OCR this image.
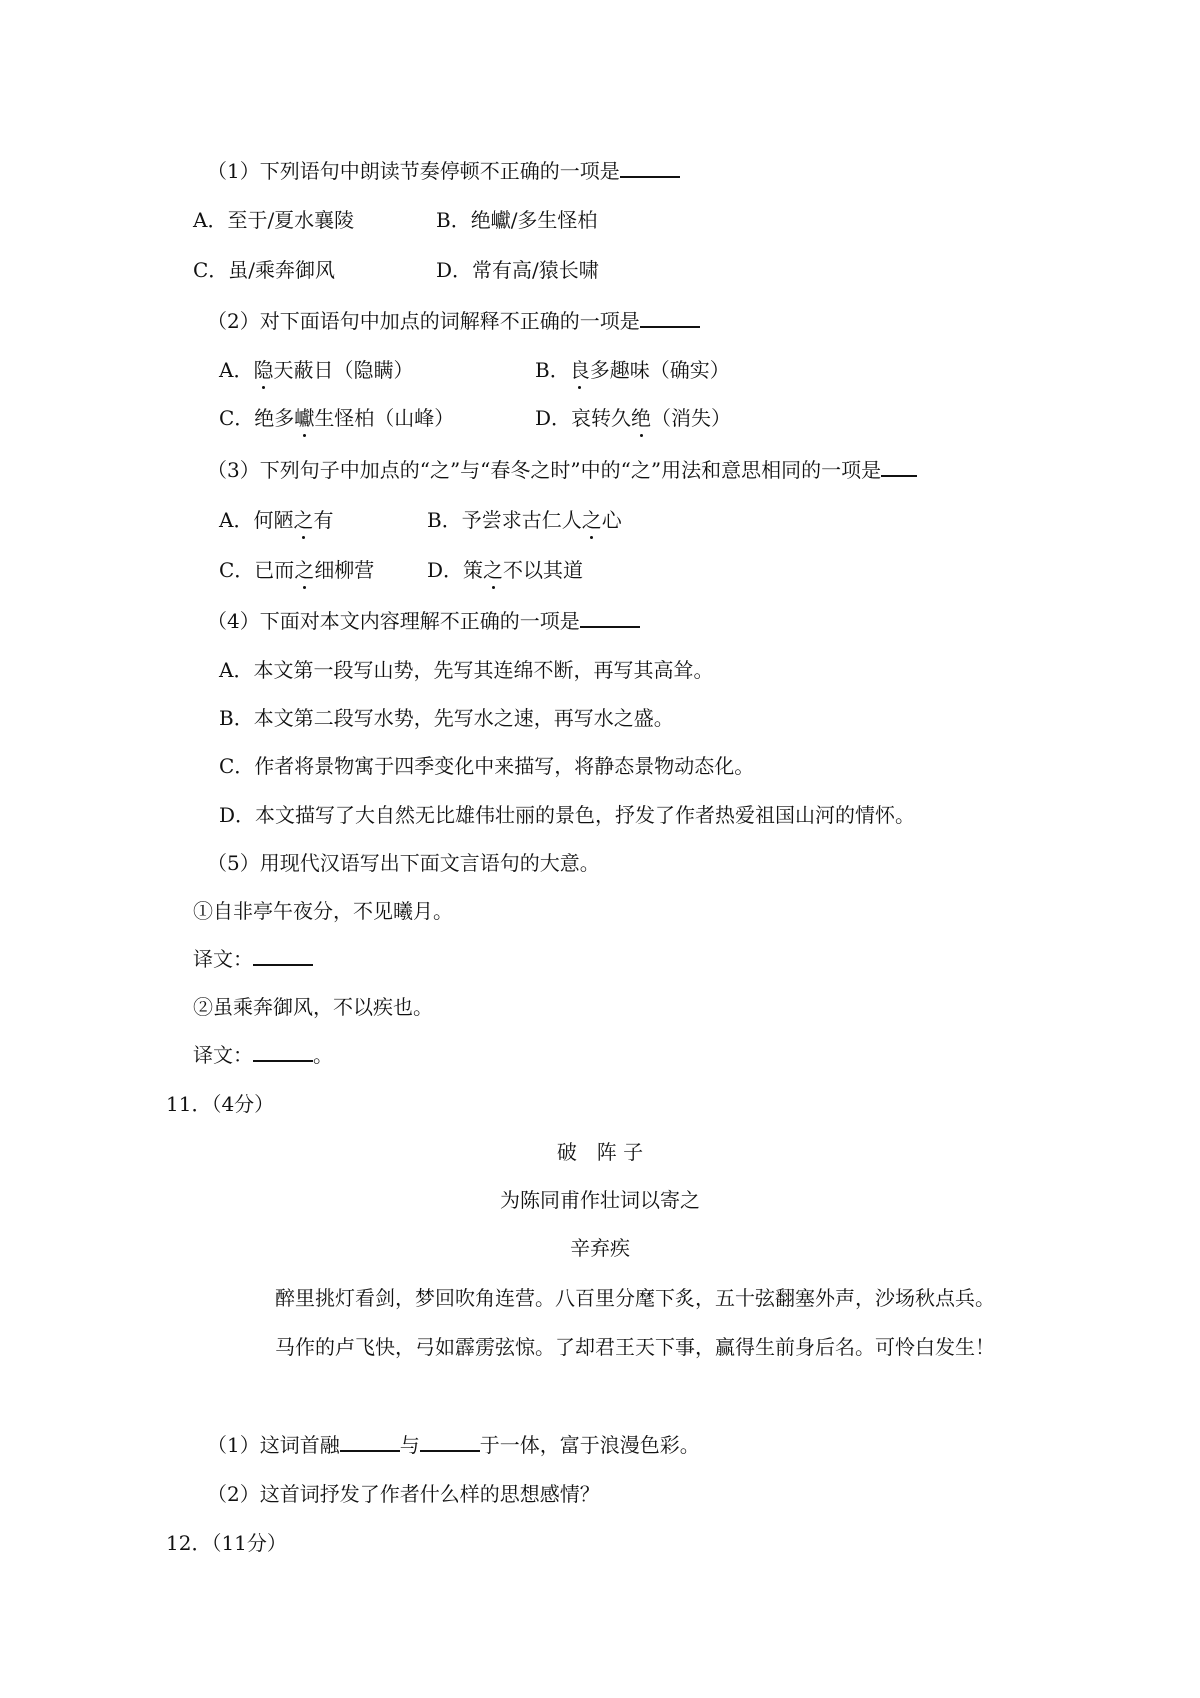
（1）下列语句中朗读节奏停顿不正确的一项是
A．至于/夏水襄陵	B．绝巘/多生怪柏
C．虽/乘奔御风	D．常有高/猿长啸
（2）对下面语句中加点的词解释不正确的一项是
A．隐天蔽日（隐瞒）	B．良多趣味（确实）
C．绝多巘生怪柏（山峰）	D．哀转久绝（消失）
（3）下列句子中加点的“之”与“春冬之时”中的“之”用法和意思相同的一项是
A．何陋之有	B．予尝求古仁人之心
C．已而之细柳营	D．策之不以其道
（4）下面对本文内容理解不正确的一项是
A．本文第一段写山势，先写其连绵不断，再写其高耸。
B．本文第二段写水势，先写水之速，再写水之盛。
C．作者将景物寓于四季变化中来描写，将静态景物动态化。
D．本文描写了大自然无比雄伟壮丽的景色，抒发了作者热爱祖国山河的情怀。
（5）用现代汉语写出下面文言语句的大意。
①自非亭午夜分，不见曦月。
译文：
②虽乘奔御风，不以疾也。
译文：	。
11．（4分）
破　阵 子
为陈同甫作壮词以寄之
辛弃疾
醉里挑灯看剑，梦回吹角连营。八百里分麾下炙，五十弦翻塞外声，沙场秋点兵。
马作的卢飞快，弓如霹雳弦惊。了却君王天下事，赢得生前身后名。可怜白发生！
（1）这词首融	与	于一体，富于浪漫色彩。
（2）这首词抒发了作者什么样的思想感情？
12．（11分）
